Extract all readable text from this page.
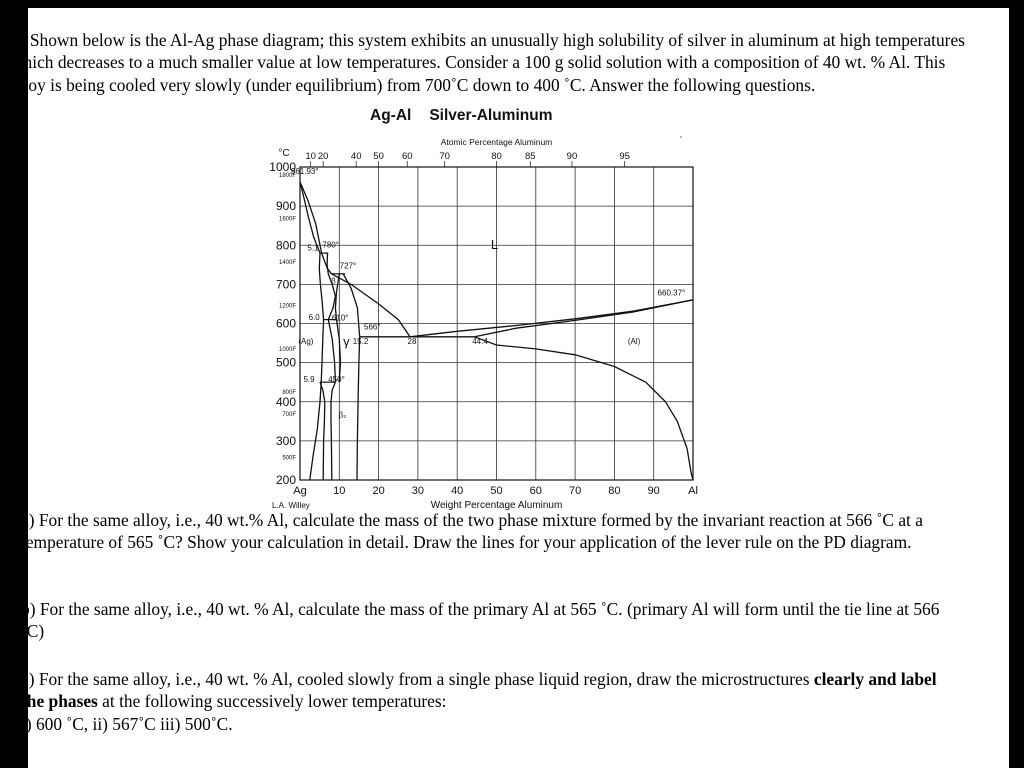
4) Shown below is the Al-Ag phase diagram; this system exhibits an unusually high solubility of silver in aluminum at high temperatures which decreases to a much smaller value at low temperatures. Consider a 100 g solid solution with a composition of 40 wt. % Al. This alloy is being cooled very slowly (under equilibrium) from 700˚C down to 400 ˚C. Answer the following questions.
Ag-Al Silver-Aluminum
°C
1000
900
800
700
600
500
400
300
200
1800F
1600F
1400F
1200F
1000F
800F
700F
500F
Ag 10 20 30 40 50 60 70 80 90	Al
Weight Percentage Aluminum
Atomic Percentage Aluminum
10 20 40 50 60	70	80 85	90	95
961.93°
L
780°
5.1
727°
β
660.37°
6.0 610°
566°
(Ag) γ 15.2	28	44.4	(Al)
5.9 450°
β₂
L.A. Willey
a) For the same alloy, i.e., 40 wt.% Al, calculate the mass of the two phase mixture formed by the invariant reaction at 566 ˚C at a temperature of 565 ˚C? Show your calculation in detail. Draw the lines for your application of the lever rule on the PD diagram.
b) For the same alloy, i.e., 40 wt. % Al, calculate the mass of the primary Al at 565 ˚C. (primary Al will form until the tie line at 566 ˚C)
c) For the same alloy, i.e., 40 wt. % Al, cooled slowly from a single phase liquid region, draw the microstructures clearly and label the phases at the following successively lower temperatures:
i) 600 ˚C, ii) 567˚C iii) 500˚C.
